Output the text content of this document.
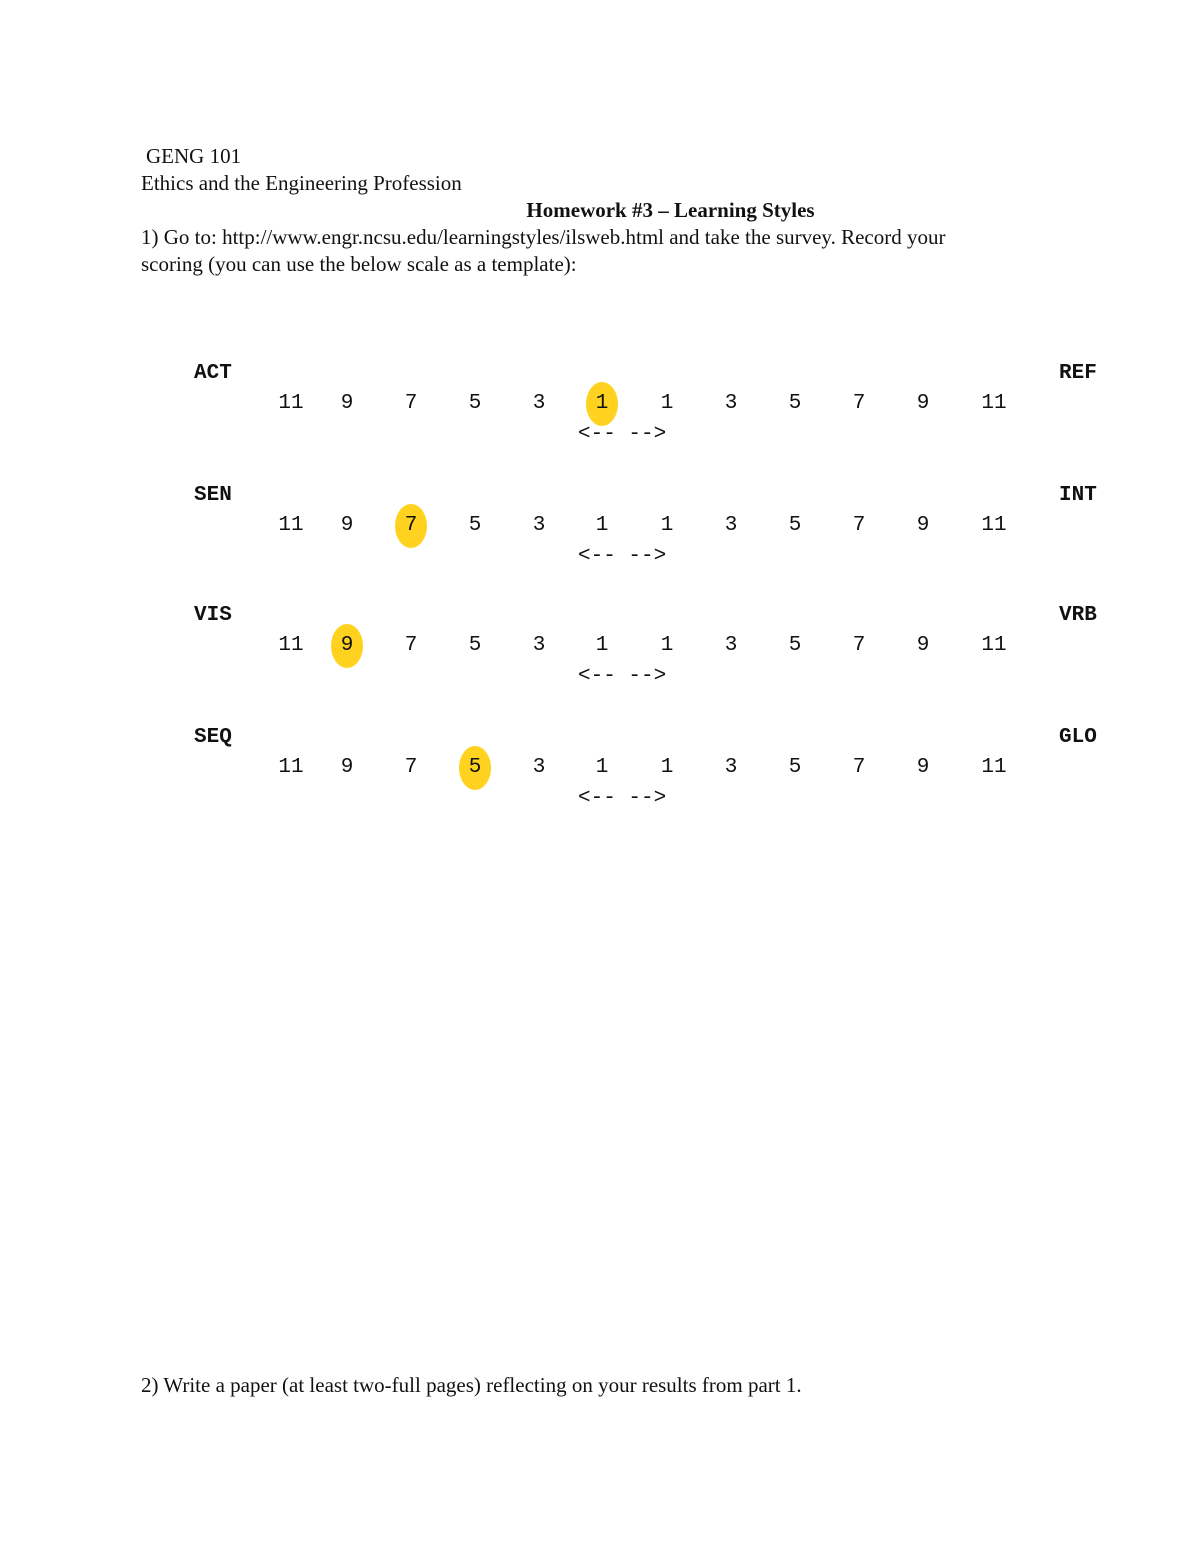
GENG 101
Ethics and the Engineering Profession
Homework #3 – Learning Styles
1) Go to: http://www.engr.ncsu.edu/learningstyles/ilsweb.html and take the survey. Record your
scoring (you can use the below scale as a template):
ACT	REF
11	9	7	5	3	1	1	3	5	7	9	11
<-- -->
SEN	INT
11	9	7	5	3	1	1	3	5	7	9	11
<-- -->
VIS	VRB
11	9	7	5	3	1	1	3	5	7	9	11
<-- -->
SEQ	GLO
11	9	7	5	3	1	1	3	5	7	9	11
<-- -->
2) Write a paper (at least two-full pages) reflecting on your results from part 1.
